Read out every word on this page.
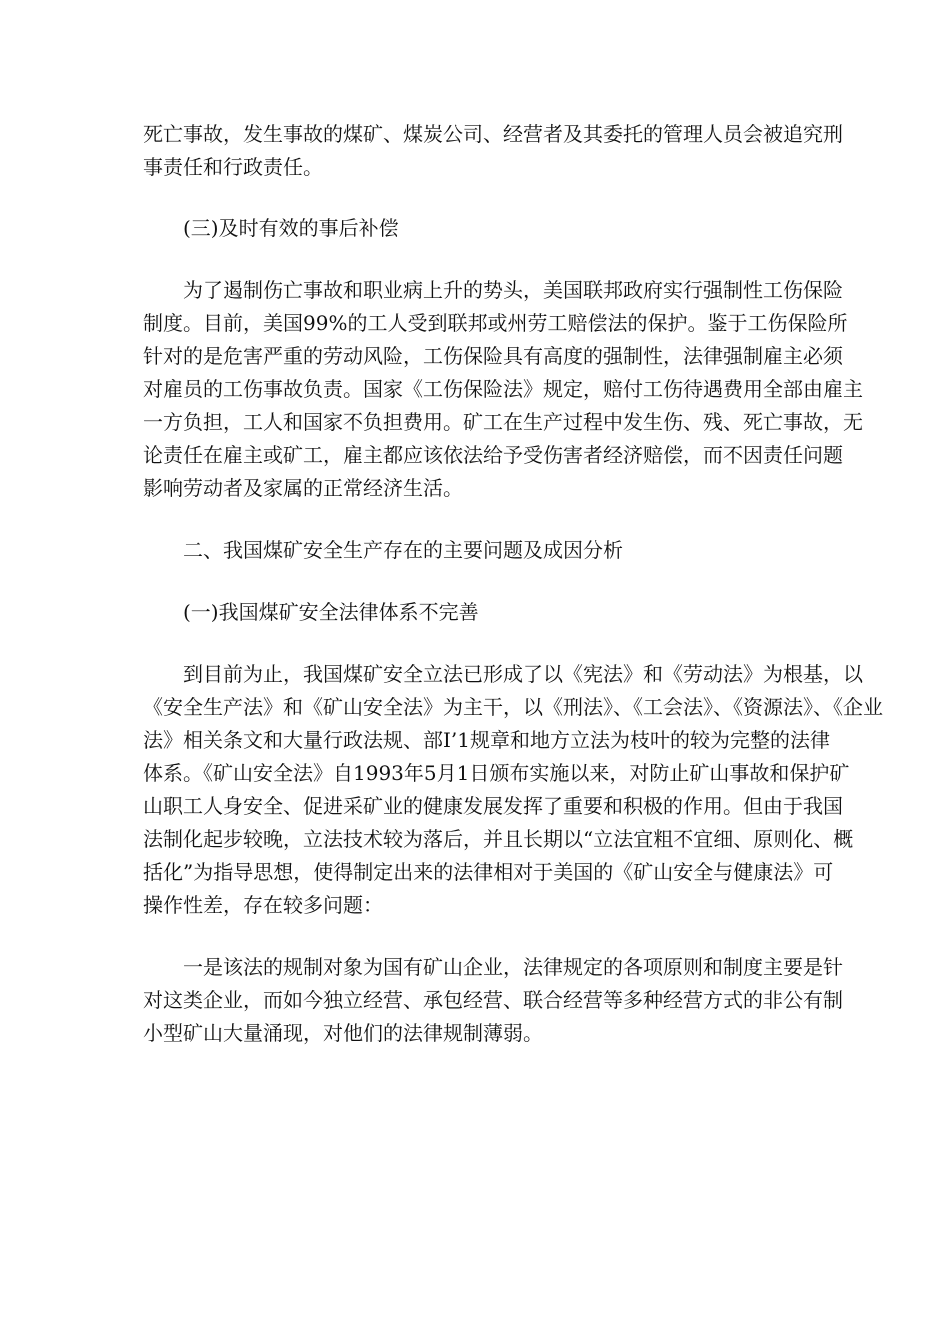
死亡事故，发生事故的煤矿、煤炭公司、经营者及其委托的管理人员会被追究刑

事责任和行政责任。

(三)及时有效的事后补偿

为了遏制伤亡事故和职业病上升的势头，美国联邦政府实行强制性工伤保险

制度。目前，美国99%的工人受到联邦或州劳工赔偿法的保护。鉴于工伤保险所

针对的是危害严重的劳动风险，工伤保险具有高度的强制性，法律强制雇主必须

对雇员的工伤事故负责。国家《工伤保险法》规定，赔付工伤待遇费用全部由雇主

一方负担，工人和国家不负担费用。矿工在生产过程中发生伤、残、死亡事故，无

论责任在雇主或矿工，雇主都应该依法给予受伤害者经济赔偿，而不因责任问题

影响劳动者及家属的正常经济生活。

二、我国煤矿安全生产存在的主要问题及成因分析

(一)我国煤矿安全法律体系不完善

到目前为止，我国煤矿安全立法已形成了以《宪法》和《劳动法》为根基，以

《安全生产法》和《矿山安全法》为主干，以《刑法》、《工会法》、《资源法》、《企业

法》相关条文和大量行政法规、部I’1规章和地方立法为枝叶的较为完整的法律

体系。《矿山安全法》自1993年5月1日颁布实施以来，对防止矿山事故和保护矿

山职工人身安全、促进采矿业的健康发展发挥了重要和积极的作用。但由于我国

法制化起步较晚，立法技术较为落后，并且长期以“立法宜粗不宜细、原则化、概

括化”为指导思想，使得制定出来的法律相对于美国的《矿山安全与健康法》可

操作性差，存在较多问题：

一是该法的规制对象为国有矿山企业，法律规定的各项原则和制度主要是针

对这类企业，而如今独立经营、承包经营、联合经营等多种经营方式的非公有制

小型矿山大量涌现，对他们的法律规制薄弱。
